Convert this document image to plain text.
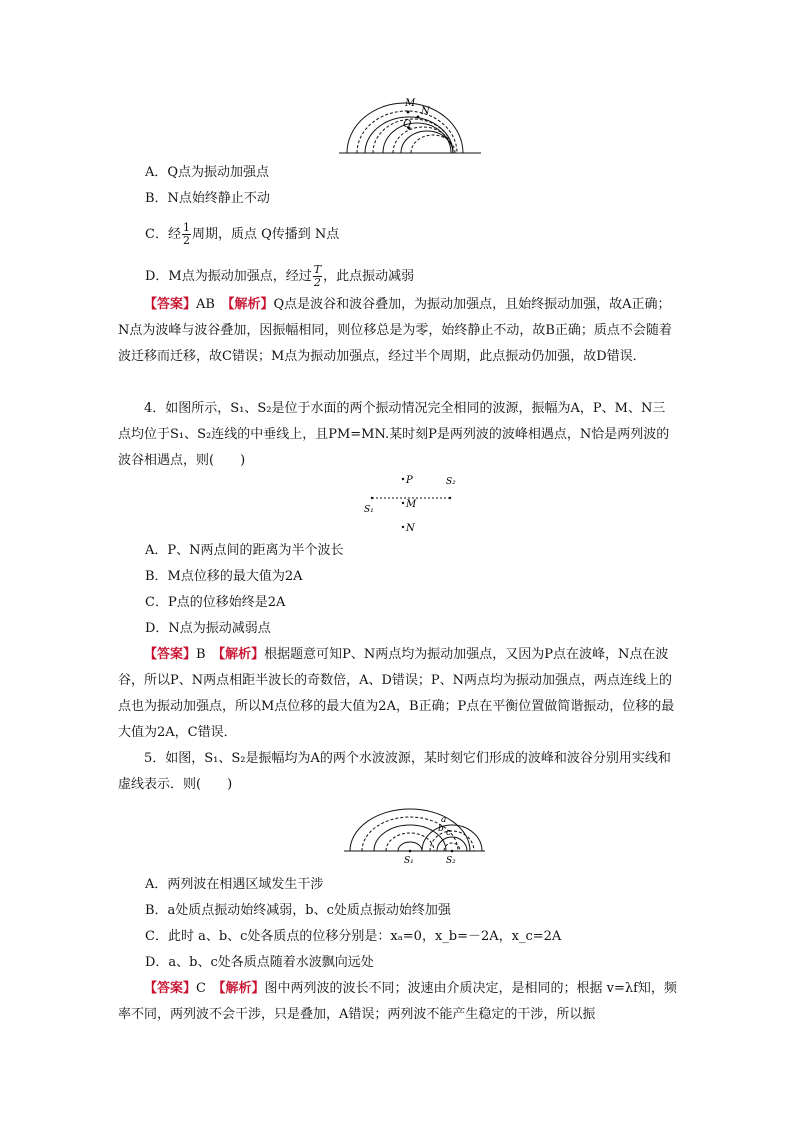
M
N
Q
A．Q点为振动加强点
B．N点始终静止不动
C．经 $\frac{1}{2}$ 周期，质点 Q传播到 N点
D．M点为振动加强点，经过 $\frac{T}{2}$ ，此点振动减弱

【答案】AB　 【解析】Q点是波谷和波谷叠加，为振动加强点，且始终振动加强，故A正确；N点为波峰与波谷叠加，因振幅相同，则位移总是为零，始终静止不动，故B正确；质点不会随着波迁移而迁移，故C错误；M点为振动加强点，经过半个周期，此点振动仍加强，故D错误．

4．如图所示，S₁、S₂是位于水面的两个振动情况完全相同的波源，振幅为A，P、M、N三点均位于S₁、S₂连线的中垂线上，且PM=MN.某时刻P是两列波的波峰相遇点，N恰是两列波的波谷相遇点，则(　　)

P
M
N
S₁
S₂
A．P、N两点间的距离为半个波长
B．M点位移的最大值为2A
C．P点的位移始终是2A
D．N点为振动减弱点

【答案】B　 【解析】根据题意可知P、N两点均为振动加强点，又因为P点在波峰，N点在波谷，所以P、N两点相距半波长的奇数倍，A、D错误；P、N两点均为振动加强点，两点连线上的点也为振动加强点，所以M点位移的最大值为2A，B正确；P点在平衡位置做简谐振动，位移的最大值为2A，C错误．

5．如图，S₁、S₂是振幅均为A的两个水波波源，某时刻它们形成的波峰和波谷分别用实线和虚线表示．则(　　)

S₁	S₂
a
b c
A．两列波在相遇区域发生干涉
B．a处质点振动始终减弱，b、c处质点振动始终加强
C．此时 a、b、c处各质点的位移分别是：xₐ=0，x_b=－2A，x_c=2A
D．a、b、c处各质点随着水波飘向远处

【答案】C　 【解析】图中两列波的波长不同；波速由介质决定，是相同的；根据 v=λf知，频率不同，两列波不会干涉，只是叠加，A错误；两列波不能产生稳定的干涉，所以振
